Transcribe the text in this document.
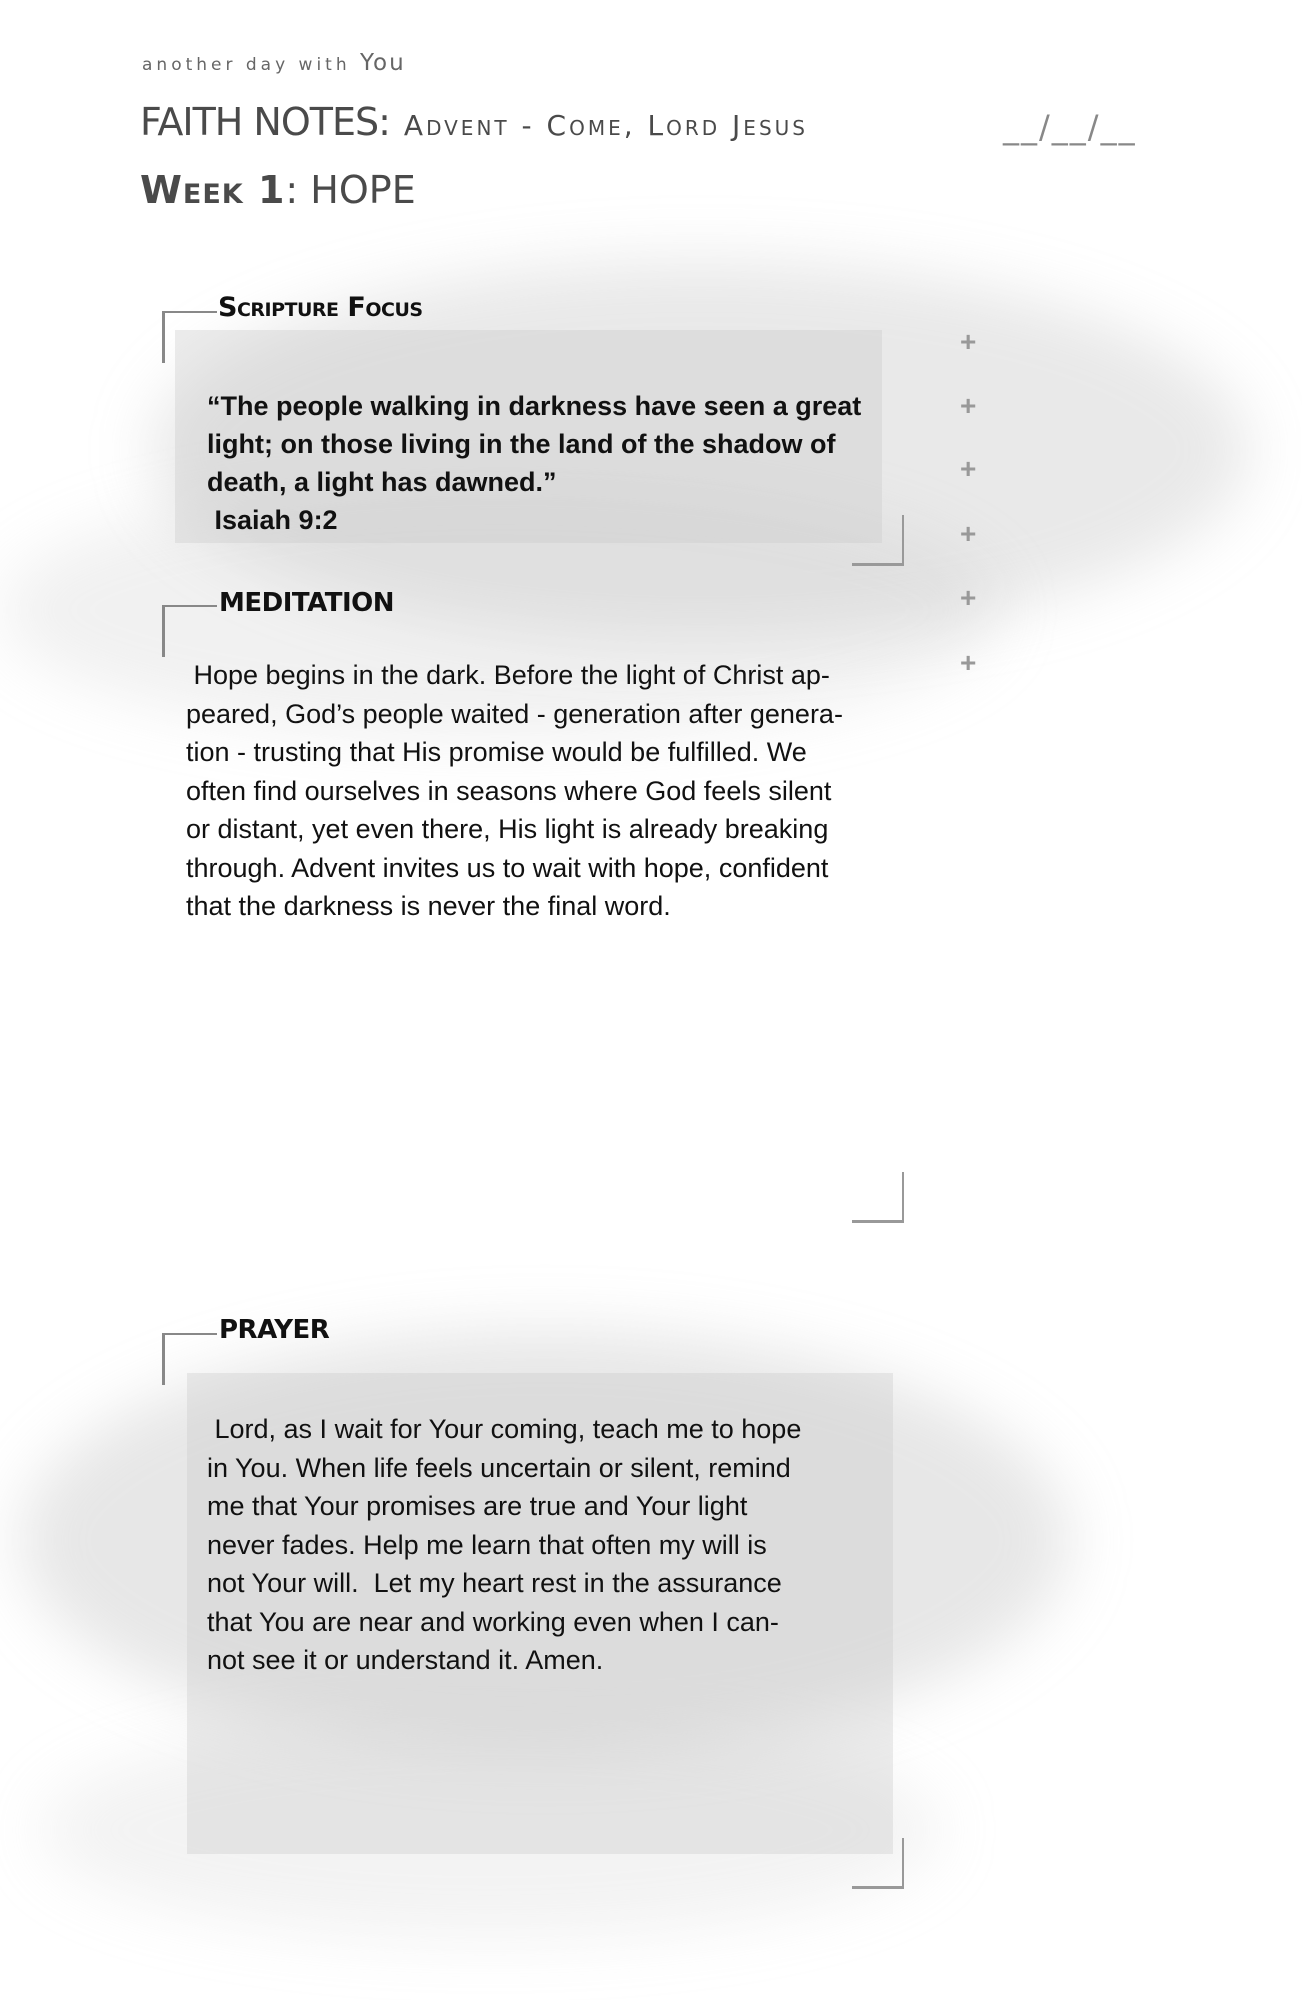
another day with You
FAITH NOTES: Advent - Come, Lord Jesus	__/__/__
Week 1: HOPE
Scripture Focus
“The people walking in darkness have seen a great
light; on those living in the land of the shadow of
death, a light has dawned.”
Isaiah 9:2
+
+
+
+
+
+
MEDITATION
Hope begins in the dark. Before the light of Christ ap-
peared, God’s people waited - generation after genera-
tion - trusting that His promise would be fulfilled. We
often find ourselves in seasons where God feels silent
or distant, yet even there, His light is already breaking
through. Advent invites us to wait with hope, confident
that the darkness is never the final word.
PRAYER
Lord, as I wait for Your coming, teach me to hope
in You. When life feels uncertain or silent, remind
me that Your promises are true and Your light
never fades. Help me learn that often my will is
not Your will.  Let my heart rest in the assurance
that You are near and working even when I can-
not see it or understand it. Amen.
